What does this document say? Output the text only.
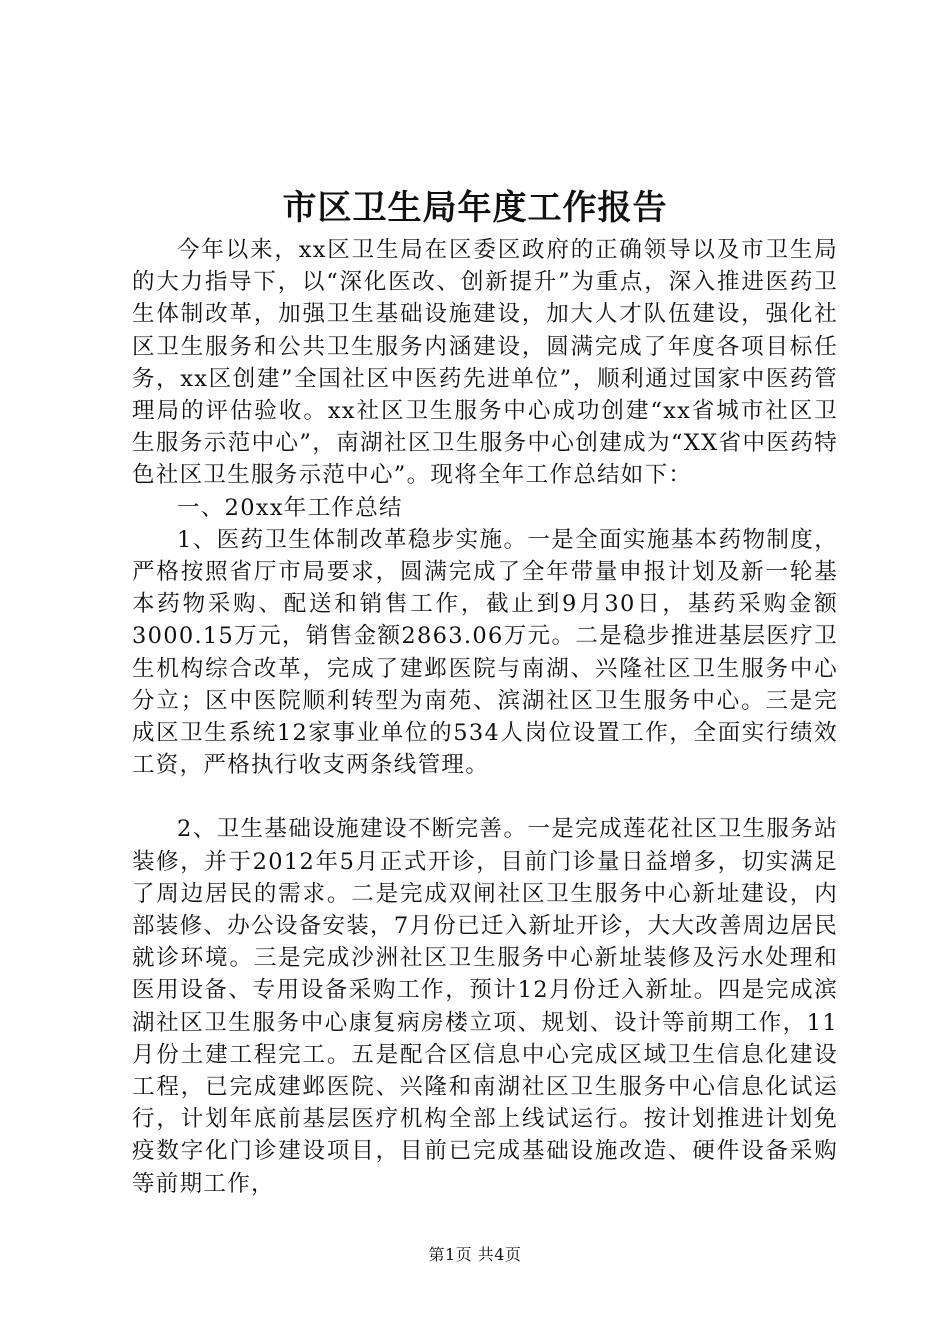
市区卫生局年度工作报告

今年以来，xx区卫生局在区委区政府的正确领导以及市卫生局的大力指导下，以“深化医改、创新提升”为重点，深入推进医药卫生体制改革，加强卫生基础设施建设，加大人才队伍建设，强化社区卫生服务和公共卫生服务内涵建设，圆满完成了年度各项目标任务，xx区创建”全国社区中医药先进单位”，顺利通过国家中医药管理局的评估验收。xx社区卫生服务中心成功创建“xx省城市社区卫生服务示范中心”，南湖社区卫生服务中心创建成为“XX省中医药特色社区卫生服务示范中心”。现将全年工作总结如下：

一、20xx年工作总结

1、医药卫生体制改革稳步实施。一是全面实施基本药物制度，严格按照省厅市局要求，圆满完成了全年带量申报计划及新一轮基本药物采购、配送和销售工作，截止到9月30日，基药采购金额3000.15万元，销售金额2863.06万元。二是稳步推进基层医疗卫生机构综合改革，完成了建邺医院与南湖、兴隆社区卫生服务中心分立；区中医院顺利转型为南苑、滨湖社区卫生服务中心。三是完成区卫生系统12家事业单位的534人岗位设置工作，全面实行绩效工资，严格执行收支两条线管理。

2、卫生基础设施建设不断完善。一是完成莲花社区卫生服务站装修，并于2012年5月正式开诊，目前门诊量日益增多，切实满足了周边居民的需求。二是完成双闸社区卫生服务中心新址建设，内部装修、办公设备安装，7月份已迁入新址开诊，大大改善周边居民就诊环境。三是完成沙洲社区卫生服务中心新址装修及污水处理和医用设备、专用设备采购工作，预计12月份迁入新址。四是完成滨湖社区卫生服务中心康复病房楼立项、规划、设计等前期工作，11月份土建工程完工。五是配合区信息中心完成区域卫生信息化建设工程，已完成建邺医院、兴隆和南湖社区卫生服务中心信息化试运行，计划年底前基层医疗机构全部上线试运行。按计划推进计划免疫数字化门诊建设项目，目前已完成基础设施改造、硬件设备采购等前期工作，

第1页 共4页
